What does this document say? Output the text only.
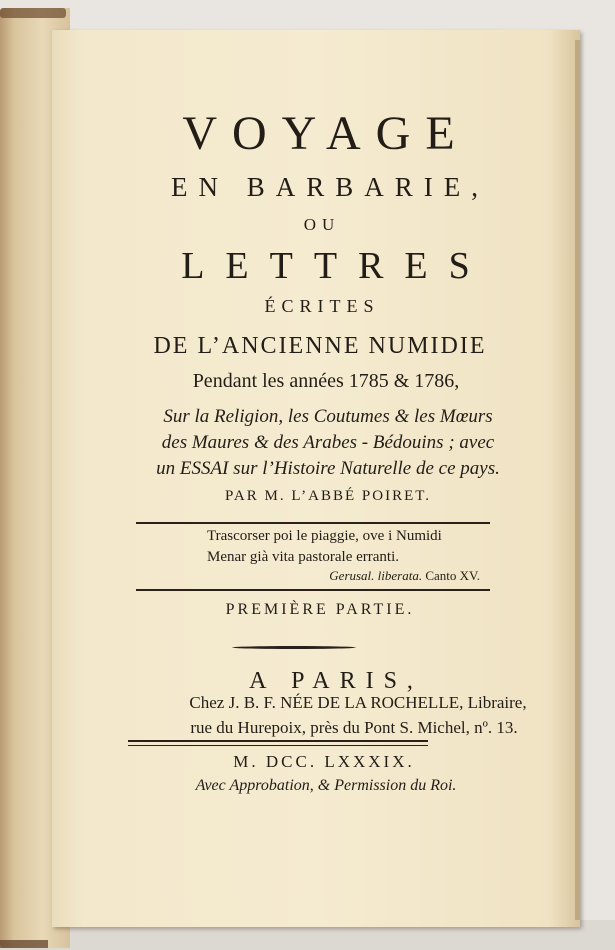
VOYAGE
EN BARBARIE,
OU
LETTRES
ÉCRITES
DE L’ANCIENNE NUMIDIE
Pendant les années 1785 & 1786,
Sur la Religion, les Coutumes & les Mœurs
des Maures & des Arabes - Bédouins ; avec
un ESSAI sur l’Histoire Naturelle de ce pays.
PAR M. L’ABBÉ POIRET.
Trascorser poi le piaggie, ove i Numidi
Menar già vita pastorale erranti.
Gerusal. liberata. Canto XV.
PREMIÈRE PARTIE.
A PARIS,
Chez J. B. F. NÉE DE LA ROCHELLE, Libraire,
rue du Hurepoix, près du Pont S. Michel, nº. 13.
M. DCC. LXXXIX.
Avec Approbation, & Permission du Roi.
